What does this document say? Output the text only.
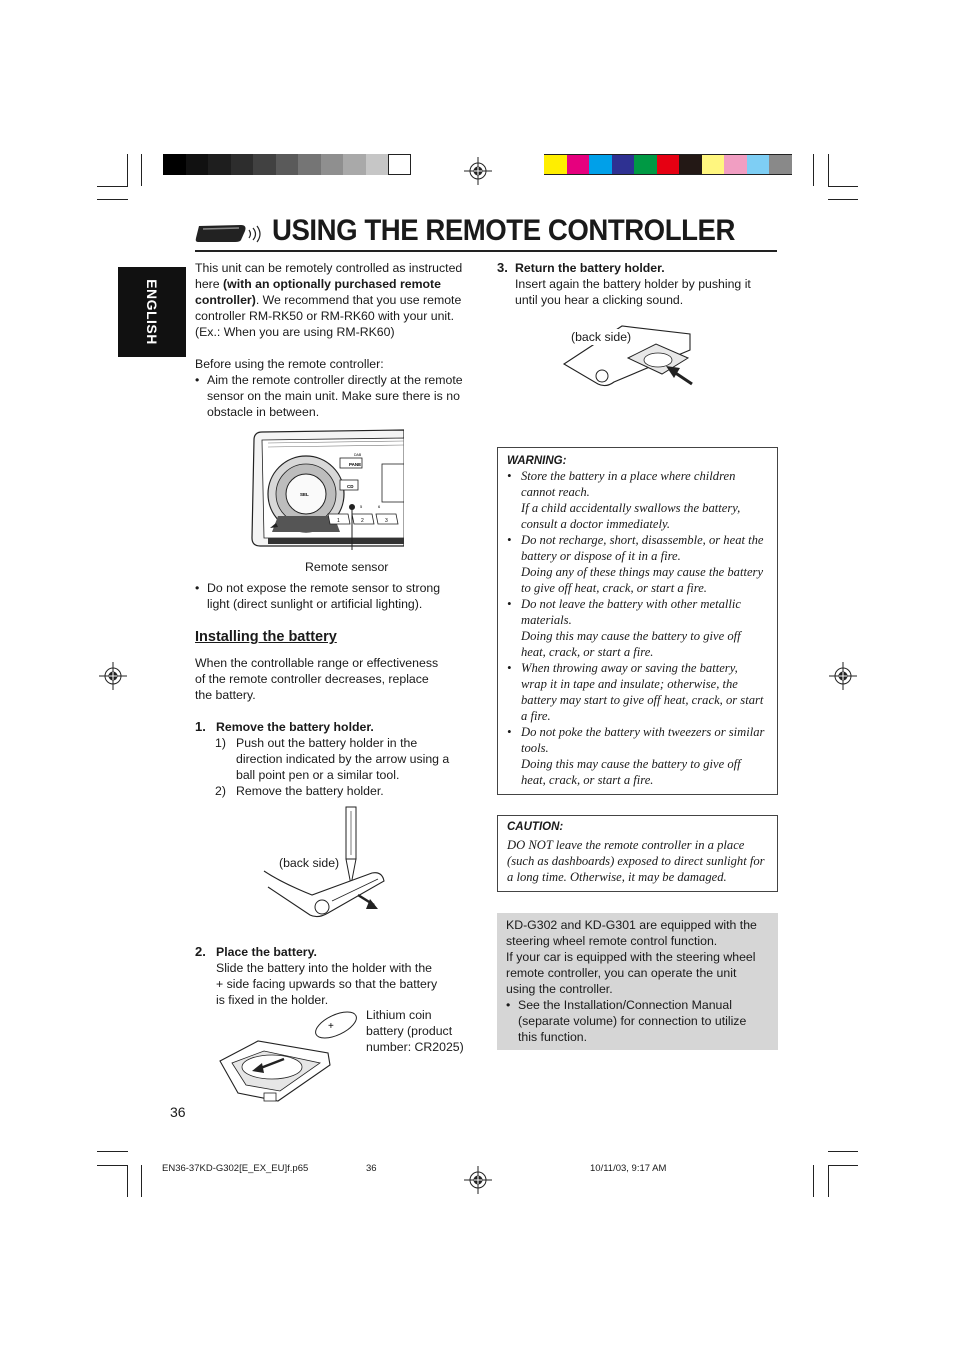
ENGLISH
USING THE REMOTE CONTROLLER
This unit can be remotely controlled as instructed
here (with an optionally purchased remote
controller). We recommend that you use remote
controller RM-RK50 or RM-RK60 with your unit.
(Ex.: When you are using RM-RK60)
Before using the remote controller:
• Aim the remote controller directly at the remote
sensor on the main unit. Make sure there is no
obstacle in between.
PANE
CD
SEL
DAB
1	2	3
5	6
Remote sensor
• Do not expose the remote sensor to strong
light (direct sunlight or artificial lighting).
Installing the battery
When the controllable range or effectiveness
of the remote controller decreases, replace
the battery.
1. Remove the battery holder.
1) Push out the battery holder in the
direction indicated by the arrow using a
ball point pen or a similar tool.
2) Remove the battery holder.
(back side)
2. Place the battery.
Slide the battery into the holder with the
+ side facing upwards so that the battery
is fixed in the holder.
+
Lithium coin
battery (product
number: CR2025)
36
3. Return the battery holder.
Insert again the battery holder by pushing it
until you hear a clicking sound.
(back side)
WARNING:
• Store the battery in a place where children
cannot reach.
If a child accidentally swallows the battery,
consult a doctor immediately.
• Do not recharge, short, disassemble, or heat the
battery or dispose of it in a fire.
Doing any of these things may cause the battery
to give off heat, crack, or start a fire.
• Do not leave the battery with other metallic
materials.
Doing this may cause the battery to give off
heat, crack, or start a fire.
• When throwing away or saving the battery,
wrap it in tape and insulate; otherwise, the
battery may start to give off heat, crack, or start
a fire.
• Do not poke the battery with tweezers or similar
tools.
Doing this may cause the battery to give off
heat, crack, or start a fire.
CAUTION:
DO NOT leave the remote controller in a place
(such as dashboards) exposed to direct sunlight for
a long time. Otherwise, it may be damaged.
KD-G302 and KD-G301 are equipped with the
steering wheel remote control function.
If your car is equipped with the steering wheel
remote controller, you can operate the unit
using the controller.
• See the Installation/Connection Manual
(separate volume) for connection to utilize
this function.
EN36-37KD-G302[E_EX_EU]f.p65	36	10/11/03, 9:17 AM
